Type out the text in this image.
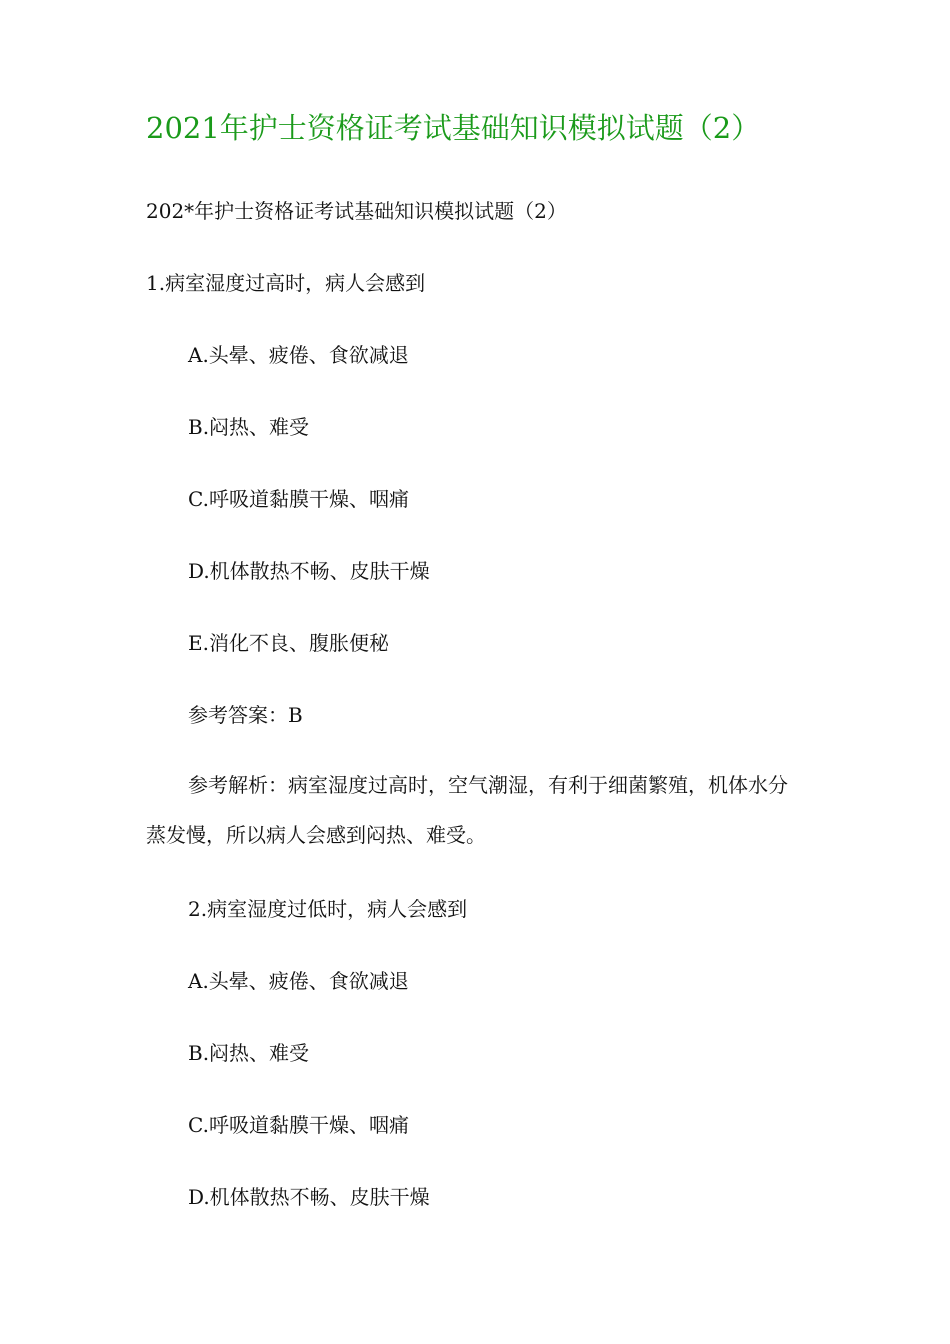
2021年护士资格证考试基础知识模拟试题（2）
202*年护士资格证考试基础知识模拟试题（2）
1.病室湿度过高时，病人会感到
A.头晕、疲倦、食欲减退
B.闷热、难受
C.呼吸道黏膜干燥、咽痛
D.机体散热不畅、皮肤干燥
E.消化不良、腹胀便秘
参考答案：B
参考解析：病室湿度过高时，空气潮湿，有利于细菌繁殖，机体水分蒸发慢，所以病人会感到闷热、难受。
2.病室湿度过低时，病人会感到
A.头晕、疲倦、食欲减退
B.闷热、难受
C.呼吸道黏膜干燥、咽痛
D.机体散热不畅、皮肤干燥
